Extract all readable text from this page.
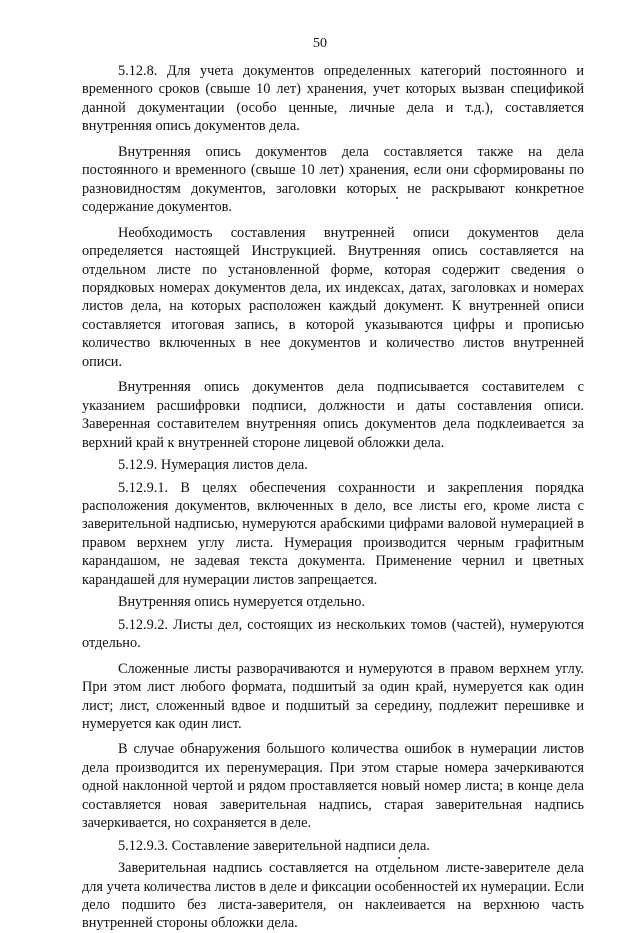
50

5.12.8. Для учета документов определенных категорий постоянного и временного сроков (свыше 10 лет) хранения, учет которых вызван спецификой данной документации (особо ценные, личные дела и т.д.), составляется внутренняя опись документов дела.

Внутренняя опись документов дела составляется также на дела постоянного и временного (свыше 10 лет) хранения, если они сформированы по разновидностям документов, заголовки которых не раскрывают конкретное содержание документов.

Необходимость составления внутренней описи документов дела определяется настоящей Инструкцией. Внутренняя опись составляется на отдельном листе по установленной форме, которая содержит сведения о порядковых номерах документов дела, их индексах, датах, заголовках и номерах листов дела, на которых расположен каждый документ. К внутренней описи составляется итоговая запись, в которой указываются цифры и прописью количество включенных в нее документов и количество листов внутренней описи.

Внутренняя опись документов дела подписывается составителем с указанием расшифровки подписи, должности и даты составления описи. Заверенная составителем внутренняя опись документов дела подклеивается за верхний край к внутренней стороне лицевой обложки дела.

5.12.9. Нумерация листов дела.

5.12.9.1. В целях обеспечения сохранности и закрепления порядка расположения документов, включенных в дело, все листы его, кроме листа с заверительной надписью, нумеруются арабскими цифрами валовой нумерацией в правом верхнем углу листа. Нумерация производится черным графитным карандашом, не задевая текста документа. Применение чернил и цветных карандашей для нумерации листов запрещается.

Внутренняя опись нумеруется отдельно.

5.12.9.2. Листы дел, состоящих из нескольких томов (частей), нумеруются отдельно.

Сложенные листы разворачиваются и нумеруются в правом верхнем углу. При этом лист любого формата, подшитый за один край, нумеруется как один лист; лист, сложенный вдвое и подшитый за середину, подлежит перешивке и нумеруется как один лист.

В случае обнаружения большого количества ошибок в нумерации листов дела производится их перенумерация. При этом старые номера зачеркиваются одной наклонной чертой и рядом проставляется новый номер листа; в конце дела составляется новая заверительная надпись, старая заверительная надпись зачеркивается, но сохраняется в деле.

5.12.9.3. Составление заверительной надписи дела.

Заверительная надпись составляется на отдельном листе-заверителе дела для учета количества листов в деле и фиксации особенностей их нумерации. Если дело подшито без листа-заверителя, он наклеивается на верхнюю часть внутренней стороны обложки дела.
